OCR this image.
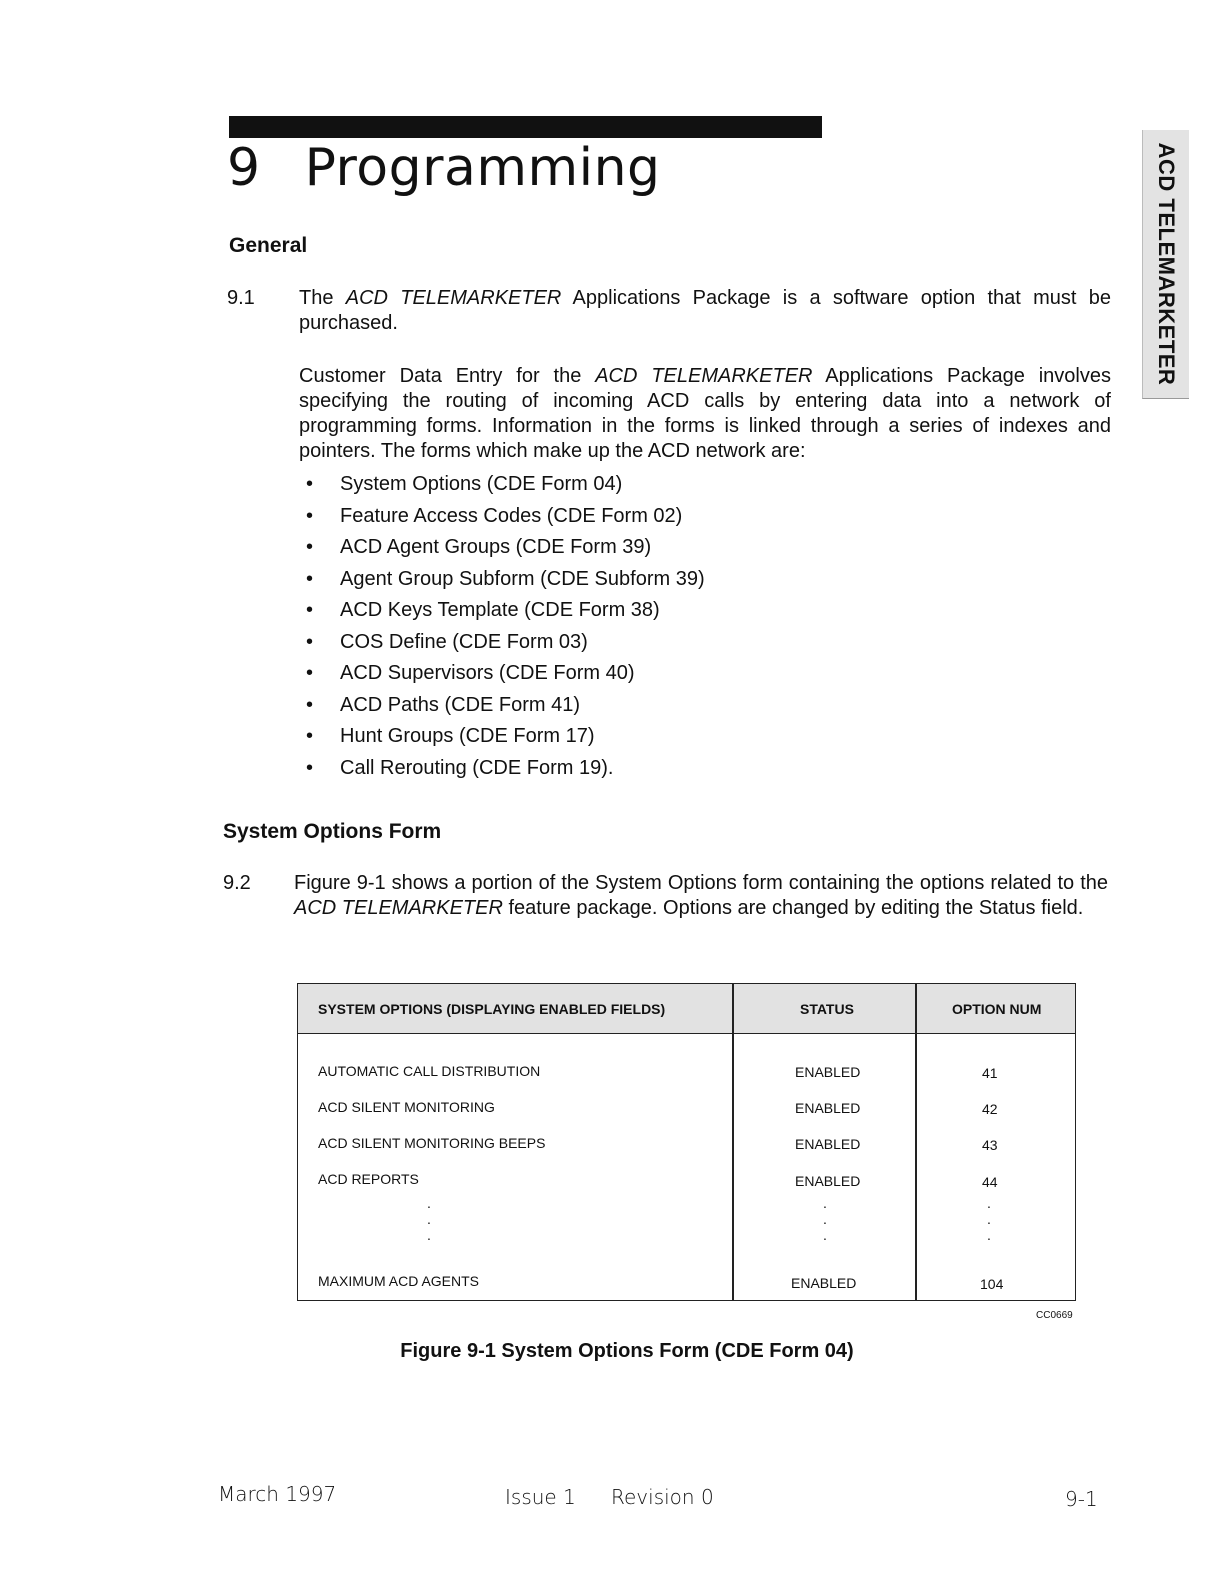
9 Programming	ACD TELEMARKETER
General
9.1 The ACD TELEMARKETER Applications Package is a software option that must be purchased.
Customer Data Entry for the ACD TELEMARKETER Applications Package involves specifying the routing of incoming ACD calls by entering data into a network of programming forms. Information in the forms is linked through a series of indexes and pointers. The forms which make up the ACD network are:
•	System Options (CDE Form 04)
•	Feature Access Codes (CDE Form 02)
•	ACD Agent Groups (CDE Form 39)
•	Agent Group Subform (CDE Subform 39)
•	ACD Keys Template (CDE Form 38)
•	COS Define (CDE Form 03)
•	ACD Supervisors (CDE Form 40)
•	ACD Paths (CDE Form 41)
•	Hunt Groups (CDE Form 17)
•	Call Rerouting (CDE Form 19).
System Options Form
9.2 Figure 9-1 shows a portion of the System Options form containing the options related to the ACD TELEMARKETER feature package. Options are changed by editing the Status field.
SYSTEM OPTIONS (DISPLAYING ENABLED FIELDS)	STATUS	OPTION NUM
AUTOMATIC CALL DISTRIBUTION	ENABLED	41
ACD SILENT MONITORING	ENABLED	42
ACD SILENT MONITORING BEEPS	ENABLED	43
ACD REPORTS	ENABLED	44
·
·
·
·
·
·
·
·
·
MAXIMUM ACD AGENTS	ENABLED	104
CC0669
Figure 9-1 System Options Form (CDE Form 04)
March 1997	Issue 1 Revision 0	9-1
